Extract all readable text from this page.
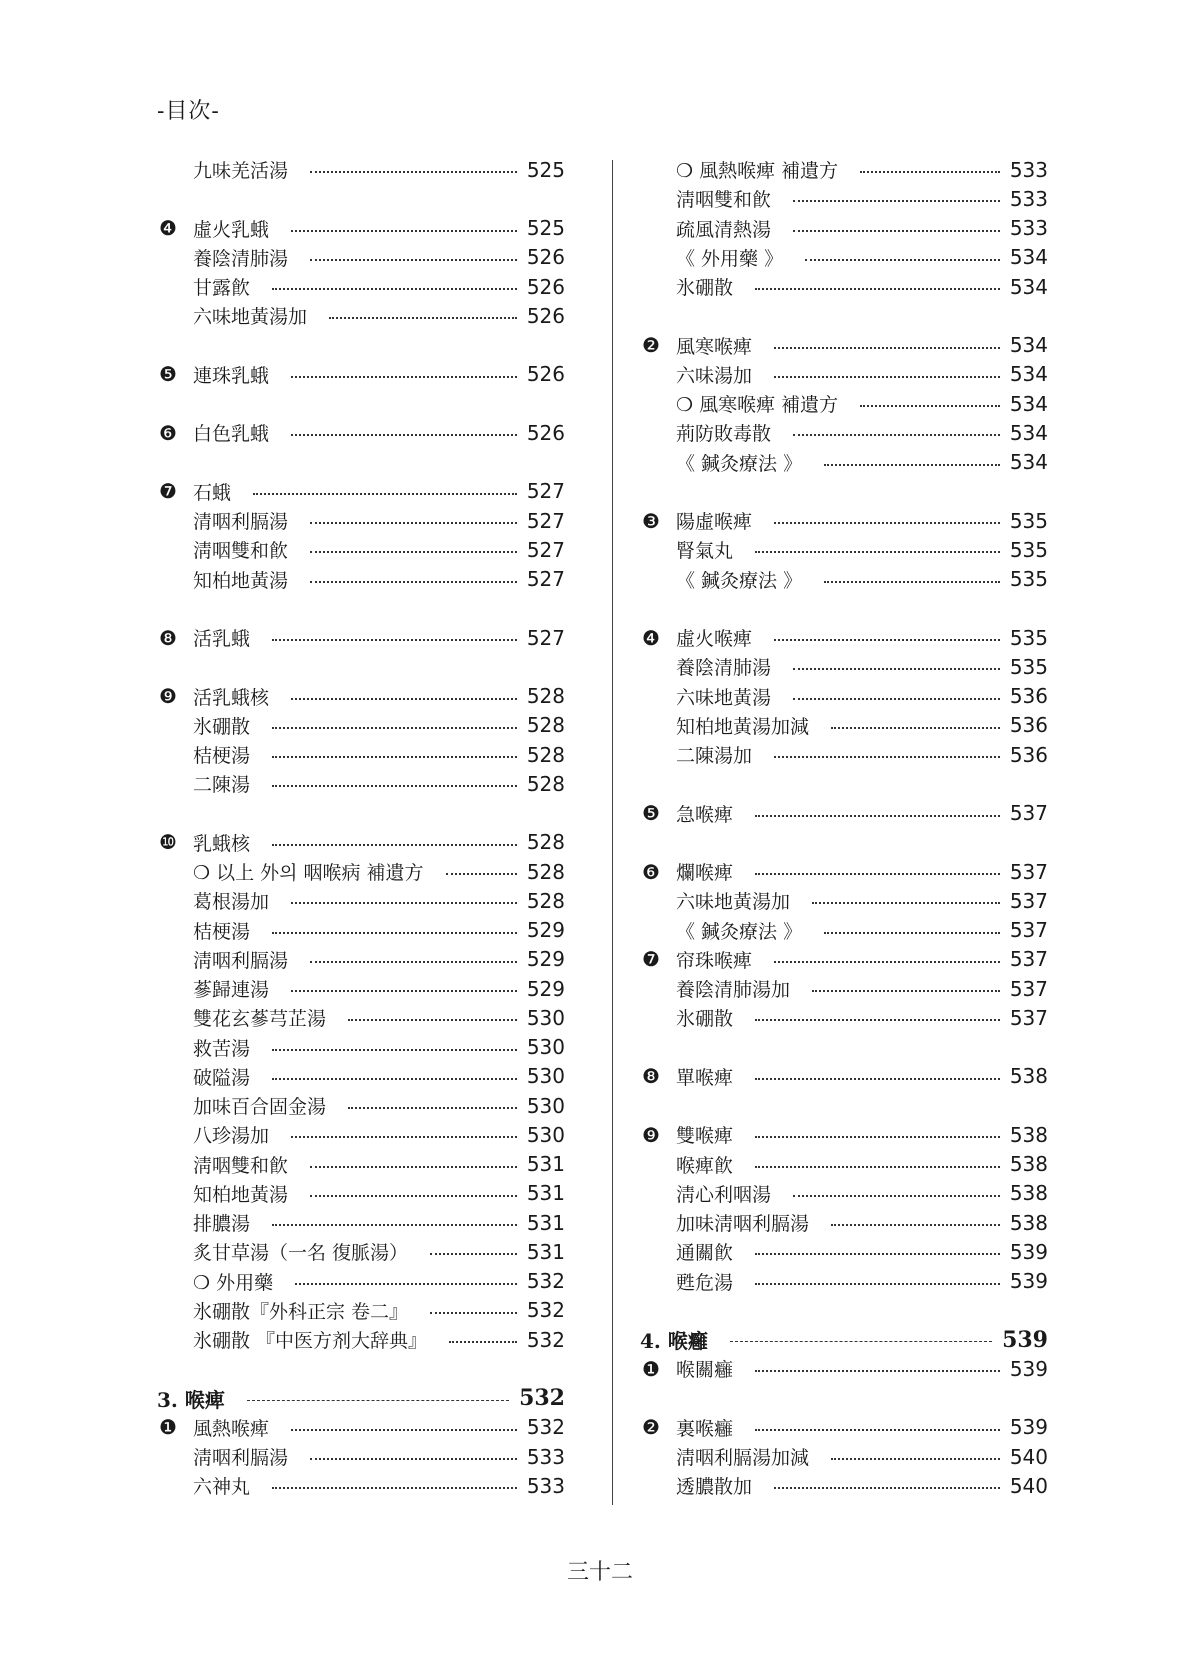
-目次-
九味羌活湯	525
❹ 虛火乳蛾	525
養陰清肺湯	526
甘露飮	526
六味地黃湯加	526
❺ 連珠乳蛾	526
❻ 白色乳蛾	526
❼ 石蛾	527
清咽利膈湯	527
淸咽雙和飮	527
知柏地黃湯	527
❽ 活乳蛾	527
❾ 活乳蛾核	528
氷硼散	528
桔梗湯	528
二陳湯	528
❿ 乳蛾核	528
❍ 以上 外의 咽喉病 補遺方	528
葛根湯加	528
桔梗湯	529
淸咽利膈湯	529
蔘歸連湯	529
雙花玄蔘芎芷湯	530
救苦湯	530
破隘湯	530
加味百合固金湯	530
八珍湯加	530
淸咽雙和飮	531
知柏地黃湯	531
排膿湯	531
炙甘草湯（一名 復脈湯）	531
❍ 外用藥	532
氷硼散『外科正宗 卷二』	532
氷硼散 『中医方剂大辞典』	532
3. 喉痺	532
❶ 風熱喉痺	532
淸咽利膈湯	533
六神丸	533
❍ 風熱喉痺 補遺方	533
淸咽雙和飮	533
疏風清熱湯	533
《 外用藥 》	534
氷硼散	534
❷ 風寒喉痺	534
六味湯加	534
❍ 風寒喉痺 補遺方	534
荊防敗毒散	534
《 鍼灸療法 》	534
❸ 陽虛喉痺	535
腎氣丸	535
《 鍼灸療法 》	535
❹ 虛火喉痺	535
養陰清肺湯	535
六味地黃湯	536
知柏地黃湯加減	536
二陳湯加	536
❺ 急喉痺	537
❻ 爛喉痺	537
六味地黃湯加	537
《 鍼灸療法 》	537
❼ 帘珠喉痺	537
養陰清肺湯加	537
氷硼散	537
❽ 單喉痺	538
❾ 雙喉痺	538
喉痺飮	538
淸心利咽湯	538
加味淸咽利膈湯	538
通關飮	539
甦危湯	539
4. 喉癰	539
❶ 喉關癰	539
❷ 裏喉癰	539
淸咽利膈湯加減	540
透膿散加	540
三十二
